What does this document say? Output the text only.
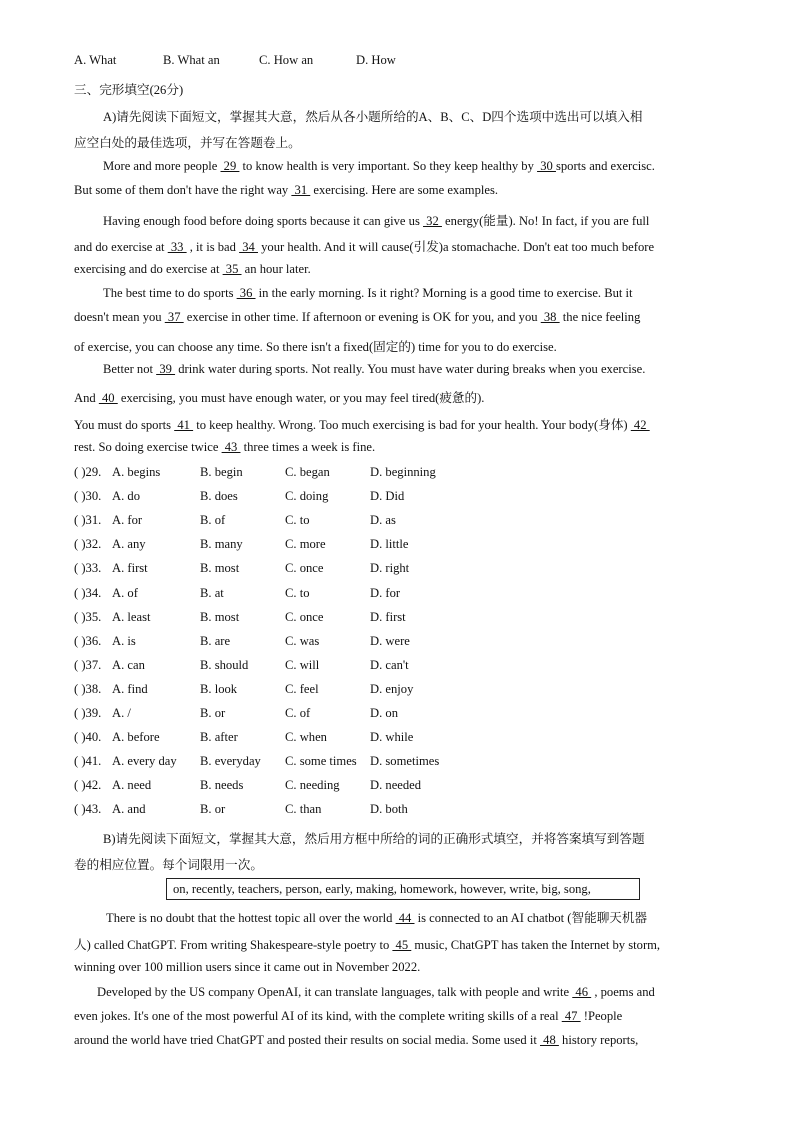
A. What	B. What an	C. How an	D. How
三、完形填空(26分)
A)请先阅读下面短文，掌握其大意，然后从各小题所给的A、B、C、D四个选项中选出可以填入相
应空白处的最佳选项，并写在答题卷上。
More and more people  29  to know health is very important. So they keep healthy by  30 sports and exercisc.
But some of them don't have the right way  31  exercising. Here are some examples.
Having enough food before doing sports because it can give us  32  energy(能量). No! In fact, if you are full
and do exercise at  33  , it is bad  34  your health. And it will cause(引发)a stomachache. Don't eat too much before
exercising and do exercise at  35  an hour later.
The best time to do sports  36  in the early morning. Is it right? Morning is a good time to exercise. But it
doesn't mean you  37  exercise in other time. If afternoon or evening is OK for you, and you  38  the nice feeling
of exercise, you can choose any time. So there isn't a fixed(固定的) time for you to do exercise.
Better not  39  drink water during sports. Not really. You must have water during breaks when you exercise.
And  40  exercising, you must have enough water, or you may feel tired(疲惫的).
You must do sports  41  to keep healthy. Wrong. Too much exercising is bad for your health. Your body(身体)  42
rest. So doing exercise twice  43  three times a week is fine.
( )29. A. begins	B. begin	C. began	D. beginning
( )30. A. do	B. does	C. doing	D. Did
( )31. A. for	B. of	C. to	D. as
( )32. A. any	B. many	C. more	D. little
( )33. A. first	B. most	C. once	D. right
( )34. A. of	B. at	C. to	D. for
( )35. A. least	B. most	C. once	D. first
( )36. A. is	B. are	C. was	D. were
( )37. A. can	B. should	C. will	D. can't
( )38. A. find	B. look	C. feel	D. enjoy
( )39. A. /	B. or	C. of	D. on
( )40. A. before	B. after	C. when	D. while
( )41. A. every day B. everyday C. some times D. sometimes
( )42. A. need	B. needs	C. needing D. needed
( )43. A. and	B. or	C. than	D. both
B)请先阅读下面短文，掌握其大意，然后用方框中所给的词的正确形式填空，并将答案填写到答题
卷的相应位置。每个词限用一次。
on, recently, teachers, person, early, making, homework, however, write, big, song,
There is no doubt that the hottest topic all over the world  44  is connected to an AI chatbot (智能聊天机器
人) called ChatGPT. From writing Shakespeare-style poetry to  45  music, ChatGPT has taken the Internet by storm,
winning over 100 million users since it came out in November 2022.
Developed by the US company OpenAI, it can translate languages, talk with people and write  46  , poems and
even jokes. It's one of the most powerful AI of its kind, with the complete writing skills of a real  47  !People
around the world have tried ChatGPT and posted their results on social media. Some used it  48  history reports,
